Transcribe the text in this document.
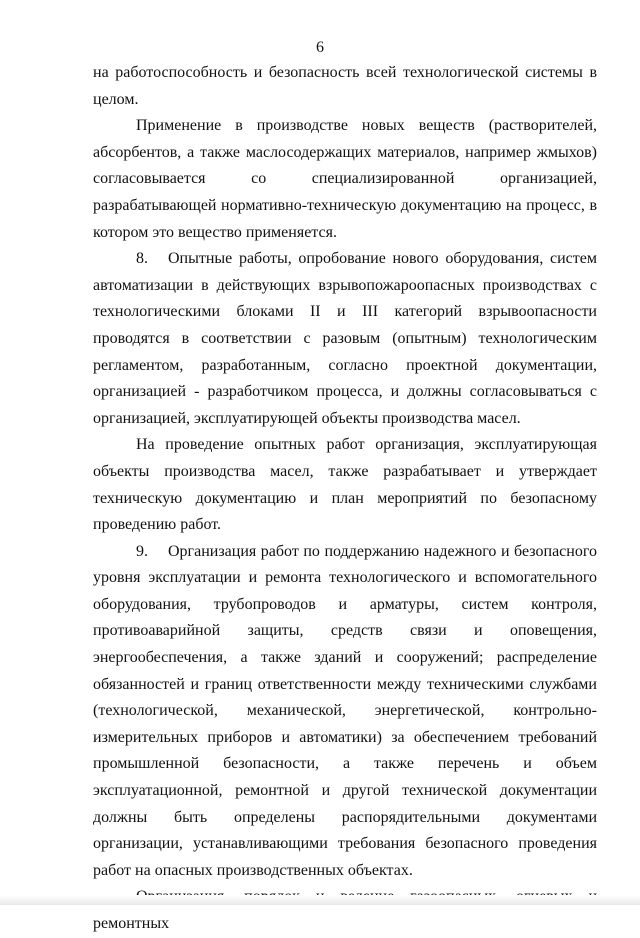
6

на работоспособность и безопасность всей технологической системы в целом.

Применение в производстве новых веществ (растворителей, абсорбентов, а также маслосодержащих материалов, например жмыхов) согласовывается со специализированной организацией, разрабатывающей нормативно-техническую документацию на процесс, в котором это вещество применяется.

8. Опытные работы, опробование нового оборудования, систем автоматизации в действующих взрывопожароопасных производствах с технологическими блоками II и III категорий взрывоопасности проводятся в соответствии с разовым (опытным) технологическим регламентом, разработанным, согласно проектной документации, организацией - разработчиком процесса, и должны согласовываться с организацией, эксплуатирующей объекты производства масел.

На проведение опытных работ организация, эксплуатирующая объекты производства масел, также разрабатывает и утверждает техническую документацию и план мероприятий по безопасному проведению работ.

9. Организация работ по поддержанию надежного и безопасного уровня эксплуатации и ремонта технологического и вспомогательного оборудования, трубопроводов и арматуры, систем контроля, противоаварийной защиты, средств связи и оповещения, энергообеспечения, а также зданий и сооружений; распределение обязанностей и границ ответственности между техническими службами (технологической, механической, энергетической, контрольно-измерительных приборов и автоматики) за обеспечением требований промышленной безопасности, а также перечень и объем эксплуатационной, ремонтной и другой технической документации должны быть определены распорядительными документами организации, устанавливающими требования безопасного проведения работ на опасных производственных объектах.

ремонтных
